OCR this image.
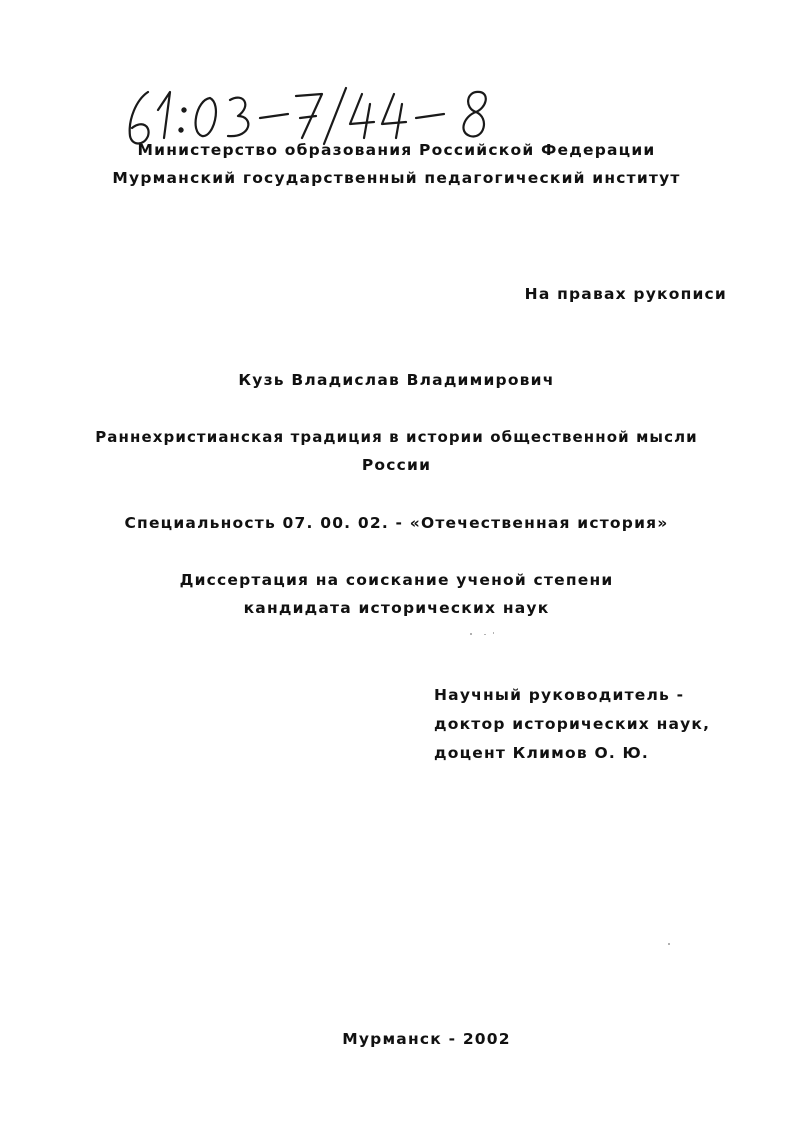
Министерство образования Российской Федерации
Мурманский государственный педагогический институт
На правах рукописи
Кузь Владислав Владимирович
Раннехристианская традиция в истории общественной мысли
России
Специальность 07. 00. 02. - «Отечественная история»
Диссертация на соискание ученой степени
кандидата исторических наук
Научный руководитель -
доктор исторических наук,
доцент Климов О. Ю.
Мурманск - 2002
